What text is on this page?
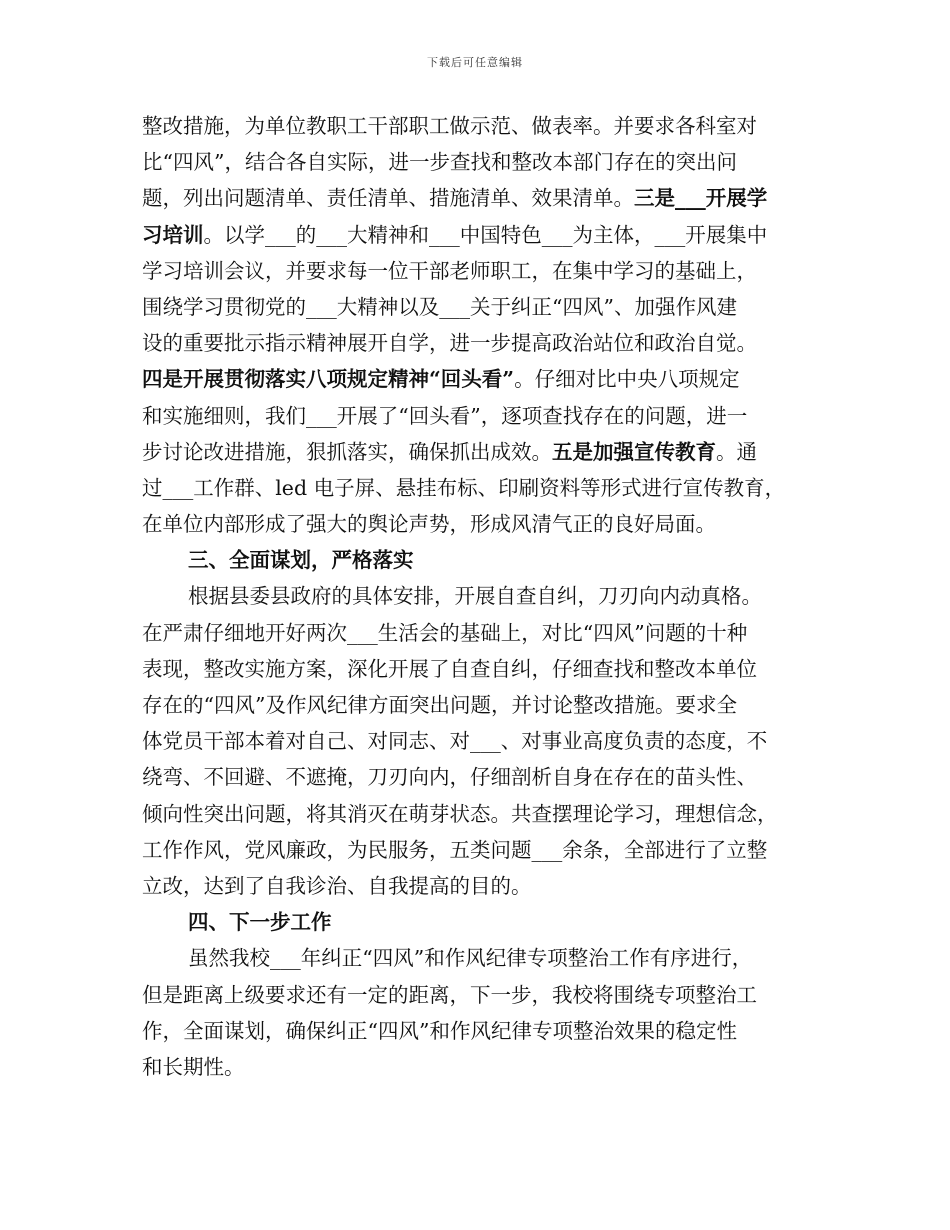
下载后可任意编辑
整改措施，为单位教职工干部职工做示范、做表率。并要求各科室对
比“四风”，结合各自实际，进一步查找和整改本部门存在的突出问
题，列出问题清单、责任清单、措施清单、效果清单。三是___开展学
习培训。以学___的___大精神和___中国特色___为主体，___开展集中
学习培训会议，并要求每一位干部老师职工，在集中学习的基础上，
围绕学习贯彻党的___大精神以及___关于纠正“四风”、加强作风建
设的重要批示指示精神展开自学，进一步提高政治站位和政治自觉。
四是开展贯彻落实八项规定精神“回头看”。仔细对比中央八项规定
和实施细则，我们___开展了“回头看”，逐项查找存在的问题，进一
步讨论改进措施，狠抓落实，确保抓出成效。五是加强宣传教育。通
过___工作群、led 电子屏、悬挂布标、印刷资料等形式进行宣传教育，
在单位内部形成了强大的舆论声势，形成风清气正的良好局面。
三、全面谋划，严格落实
根据县委县政府的具体安排，开展自查自纠，刀刃向内动真格。
在严肃仔细地开好两次___生活会的基础上，对比“四风”问题的十种
表现，整改实施方案，深化开展了自查自纠，仔细查找和整改本单位
存在的“四风”及作风纪律方面突出问题，并讨论整改措施。要求全
体党员干部本着对自己、对同志、对___、对事业高度负责的态度，不
绕弯、不回避、不遮掩，刀刃向内，仔细剖析自身在存在的苗头性、
倾向性突出问题，将其消灭在萌芽状态。共查摆理论学习，理想信念，
工作作风，党风廉政，为民服务，五类问题___余条，全部进行了立整
立改，达到了自我诊治、自我提高的目的。
四、下一步工作
虽然我校___年纠正“四风”和作风纪律专项整治工作有序进行，
但是距离上级要求还有一定的距离，下一步，我校将围绕专项整治工
作，全面谋划，确保纠正“四风”和作风纪律专项整治效果的稳定性
和长期性。
